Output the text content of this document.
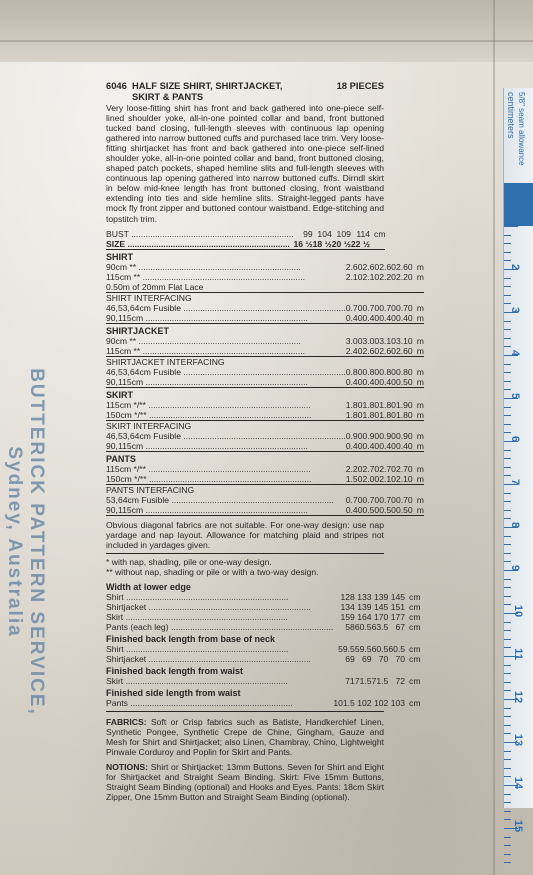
BUTTERICK PATTERN SERVICE, Sydney, Australia
5/8" seam allowance
centimeters
1
2
3
4
5
6
7
8
9
10
11
12
13
14
15
6046 HALF SIZE SHIRT, SHIRTJACKET,	18 PIECES
SKIRT & PANTS

Very loose-fitting shirt has front and back gathered into one-piece self-lined shoulder yoke, all-in-one pointed collar and band, front buttoned tucked band closing, full-length sleeves with continuous lap opening gathered into narrow buttoned cuffs and purchased lace trim. Very loose-fitting shirtjacket has front and back gathered into one-piece self-lined shoulder yoke, all-in-one pointed collar and band, front buttoned closing, shaped patch pockets, shaped hemline slits and full-length sleeves with continuous lap opening gathered into narrow buttoned cuffs. Dirndl skirt in below mid-knee length has front buttoned closing, front waistband extending into ties and side hemline slits. Straight-legged pants have mock fly front zipper and buttoned contour waistband. Edge-stitching and topstitch trim.

BUST .....	99	104	109	114	cm
SIZE .....	16 ½	18 ½	20 ½	22 ½	
SHIRT					
90cm ** .....	2.60	2.60	2.60	2.60	m
115cm ** .....	2.10	2.10	2.20	2.20	m
0.50m of 20mm Flat Lace					
SHIRT INTERFACING					
46,53,64cm Fusible .....	0.70	0.70	0.70	0.70	m
90,115cm .....	0.40	0.40	0.40	0.40	m
SHIRTJACKET					
90cm ** .....	3.00	3.00	3.10	3.10	m
115cm ** .....	2.40	2.60	2.60	2.60	m
SHIRTJACKET INTERFACING					
46,53,64cm Fusible .....	0.80	0.80	0.80	0.80	m
90,115cm .....	0.40	0.40	0.40	0.50	m
SKIRT					
115cm */** .....	1.80	1.80	1.80	1.90	m
150cm */** .....	1.80	1.80	1.80	1.80	m
SKIRT INTERFACING					
46,53,64cm Fusible .....	0.90	0.90	0.90	0.90	m
90,115cm .....	0.40	0.40	0.40	0.40	m
PANTS					
115cm */** .....	2.20	2.70	2.70	2.70	m
150cm */** .....	1.50	2.00	2.10	2.10	m
PANTS INTERFACING					
53,64cm Fusible .....	0.70	0.70	0.70	0.70	m
90,115cm .....	0.40	0.50	0.50	0.50	m
Obvious diagonal fabrics are not suitable. For one-way design: use nap yardage and nap layout. Allowance for matching plaid and stripes not included in yardages given.
* with nap, shading, pile or one-way design.
** without nap, shading or pile or with a two-way design.
Width at lower edge					
Shirt .....	128	133	139	145	cm
Shirtjacket .....	134	139	145	151	cm
Skirt .....	159	164	170	177	cm
Pants (each leg) .....	58	60.5	63.5	67	cm
Finished back length from base of neck					
Shirt .....	59.5	59.5	60.5	60.5	cm
Shirtjacket .....	69	69	70	70	cm
Finished back length from waist					
Skirt .....	71	71.5	71.5	72	cm
Finished side length from waist					
Pants .....	101.5	102	102	103	cm
FABRICS: Soft or Crisp fabrics such as Batiste, Handkerchief Linen, Synthetic Pongee, Synthetic Crepe de Chine, Gingham, Gauze and Mesh for Shirt and Shirtjacket; also Linen, Chambray, Chino, Lightweight Pinwale Corduroy and Poplin for Skirt and Pants.
NOTIONS: Shirt or Shirtjacket: 13mm Buttons. Seven for Shirt and Eight for Shirtjacket and Straight Seam Binding. Skirt: Five 15mm Buttons, Straight Seam Binding (optional) and Hooks and Eyes. Pants: 18cm Skirt Zipper, One 15mm Button and Straight Seam Binding (optional).
